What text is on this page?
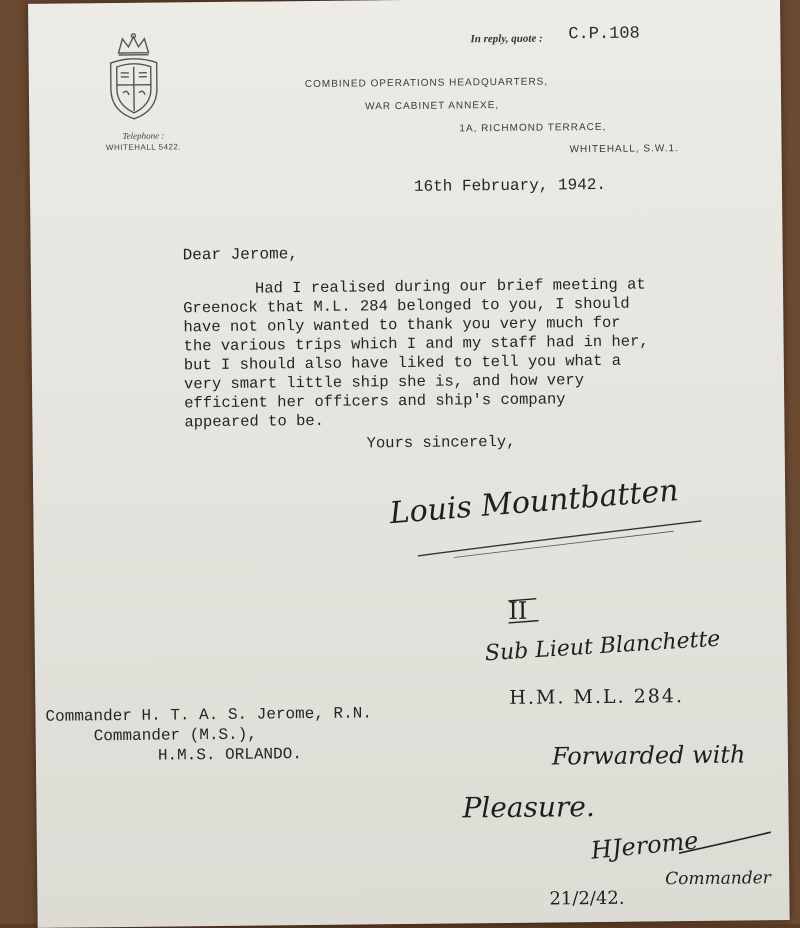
Telephone :
WHITEHALL 5422.
In reply, quote : C.P.108
COMBINED OPERATIONS HEADQUARTERS,
WAR CABINET ANNEXE,
1A, RICHMOND TERRACE,
WHITEHALL, S.W.1.
16th February, 1942.
Dear Jerome,
Had I realised during our brief meeting at
Greenock that M.L. 284 belonged to you, I should
have not only wanted to thank you very much for
the various trips which I and my staff had in her,
but I should also have liked to tell you what a
very smart little ship she is, and how very
efficient her officers and ship's company
appeared to be.
Yours sincerely,
Louis Mountbatten
Commander H. T. A. S. Jerome, R.N.
Commander (M.S.),
H.M.S. ORLANDO.
II
Sub Lieut Blanchette
H.M. M.L. 284.
Forwarded with
Pleasure.
HJerome
Commander
21/2/42.
